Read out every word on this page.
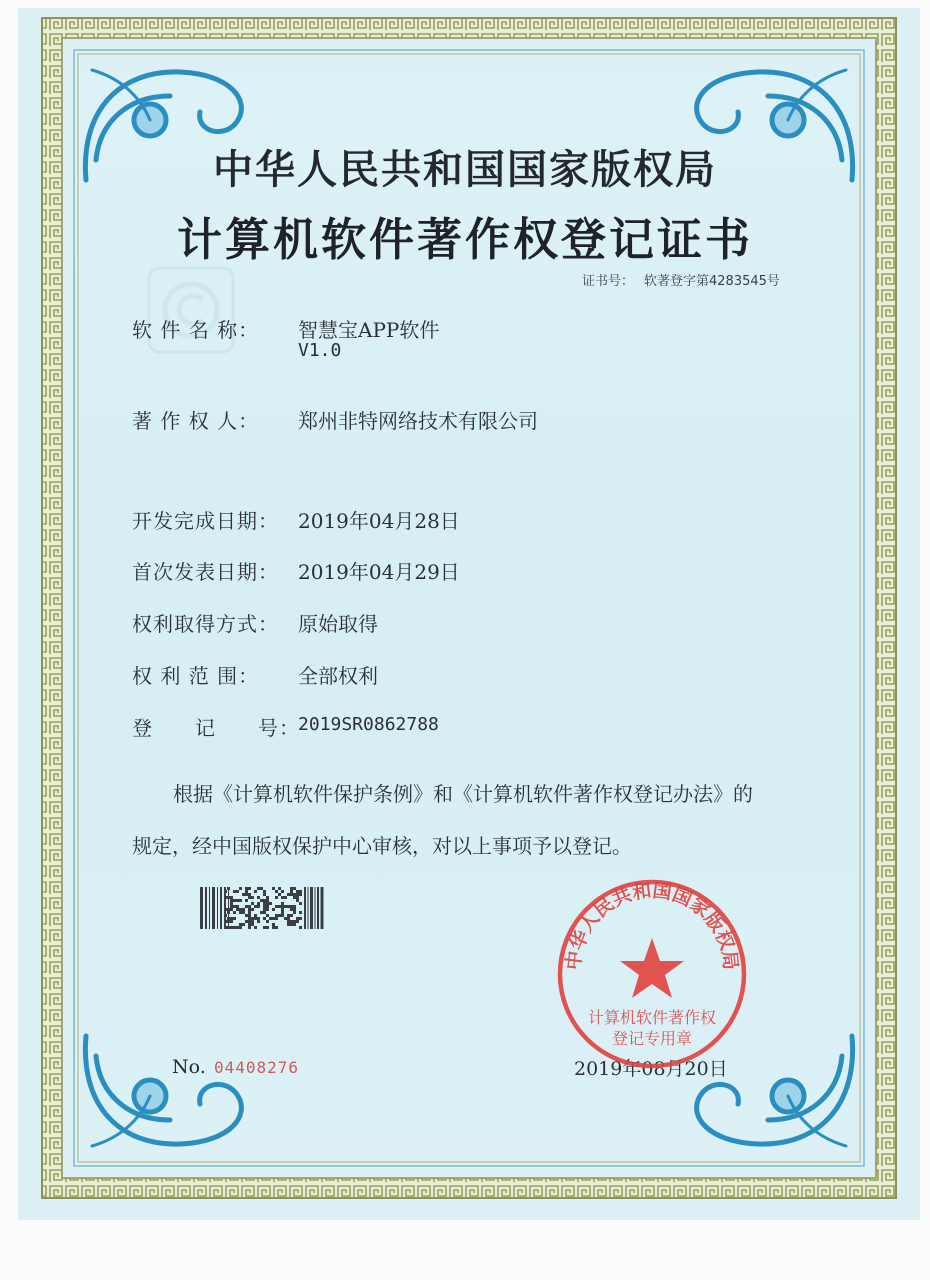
中华人民共和国国家版权局
计算机软件著作权登记证书
证书号： 软著登字第4283545号
软 件 名 称： 智慧宝APP软件
V1.0
著 作 权 人： 郑州非特网络技术有限公司
开发完成日期： 2019年04月28日
首次发表日期： 2019年04月29日
权利取得方式： 原始取得
权 利 范 围： 全部权利
登　　记　　号：
2019SR0862788
根据《计算机软件保护条例》和《计算机软件著作权登记办法》的
规定，经中国版权保护中心审核，对以上事项予以登记。
No. 04408276	2019年08月20日
中华人民共和国国家版权局
计算机软件著作权
登记专用章
